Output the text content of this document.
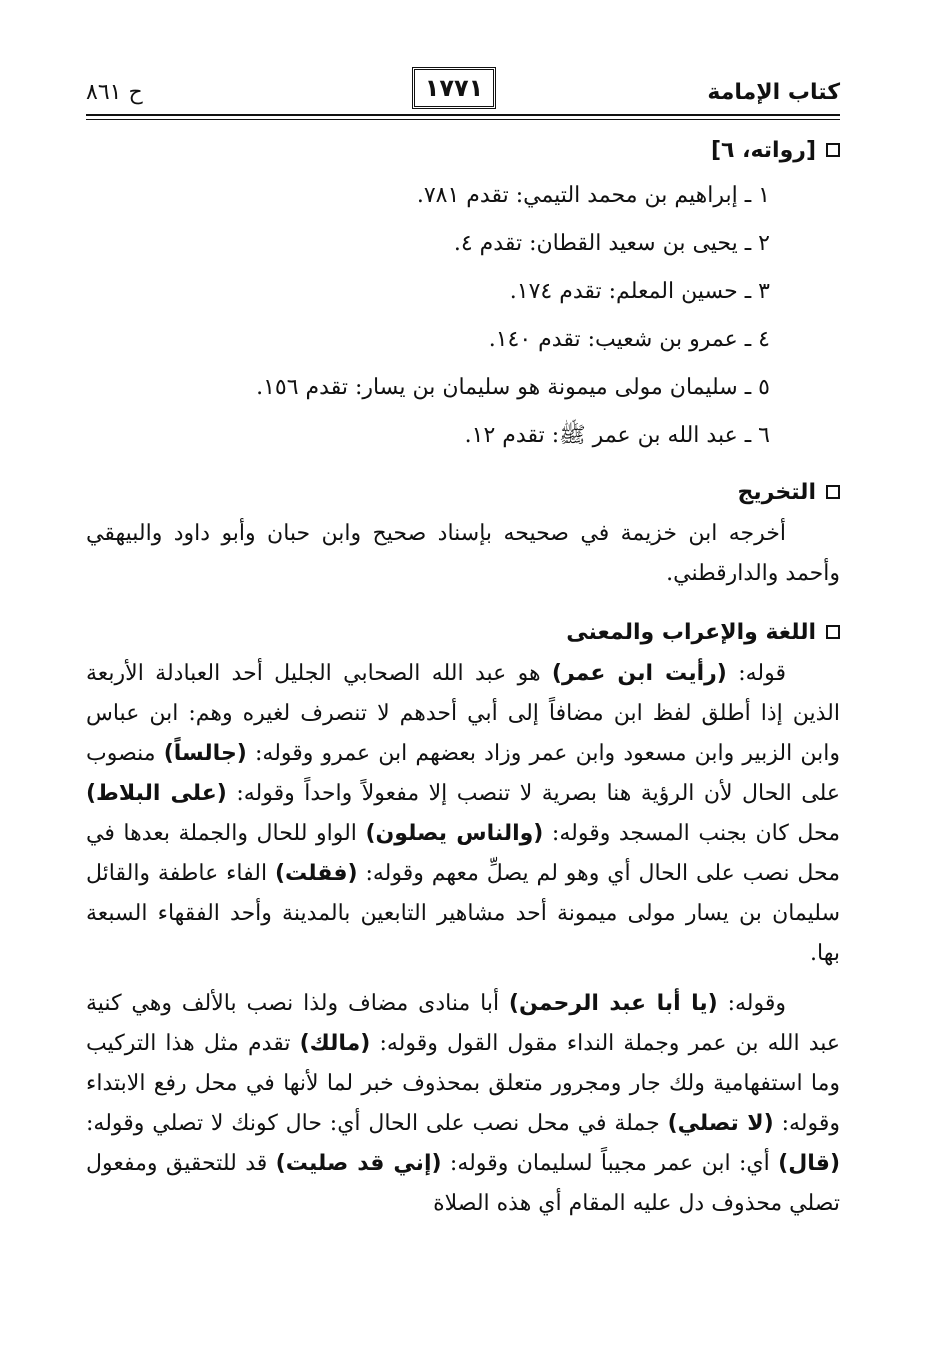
كتاب الإمامة
١٧٧١
ح ٨٦١
[رواته، ٦]
١ ـ إبراهيم بن محمد التيمي: تقدم ٧٨١.
٢ ـ يحيى بن سعيد القطان: تقدم ٤.
٣ ـ حسين المعلم: تقدم ١٧٤.
٤ ـ عمرو بن شعيب: تقدم ١٤٠.
٥ ـ سليمان مولى ميمونة هو سليمان بن يسار: تقدم ١٥٦.
٦ ـ عبد الله بن عمر ﷺ: تقدم ١٢.
التخريج

أخرجه ابن خزيمة في صحيحه بإسناد صحيح وابن حبان وأبو داود والبيهقي وأحمد والدارقطني.

اللغة والإعراب والمعنى

قوله: (رأيت ابن عمر) هو عبد الله الصحابي الجليل أحد العبادلة الأربعة الذين إذا أطلق لفظ ابن مضافاً إلى أبي أحدهم لا تنصرف لغيره وهم: ابن عباس وابن الزبير وابن مسعود وابن عمر وزاد بعضهم ابن عمرو وقوله: (جالساً) منصوب على الحال لأن الرؤية هنا بصرية لا تنصب إلا مفعولاً واحداً وقوله: (على البلاط) محل كان بجنب المسجد وقوله: (والناس يصلون) الواو للحال والجملة بعدها في محل نصب على الحال أي وهو لم يصلِّ معهم وقوله: (فقلت) الفاء عاطفة والقائل سليمان بن يسار مولى ميمونة أحد مشاهير التابعين بالمدينة وأحد الفقهاء السبعة بها.

وقوله: (يا أبا عبد الرحمن) أبا منادى مضاف ولذا نصب بالألف وهي كنية عبد الله بن عمر وجملة النداء مقول القول وقوله: (مالك) تقدم مثل هذا التركيب وما استفهامية ولك جار ومجرور متعلق بمحذوف خبر لما لأنها في محل رفع الابتداء وقوله: (لا تصلي) جملة في محل نصب على الحال أي: حال كونك لا تصلي وقوله: (قال) أي: ابن عمر مجيباً لسليمان وقوله: (إني قد صليت) قد للتحقيق ومفعول تصلي محذوف دل عليه المقام أي هذه الصلاة
